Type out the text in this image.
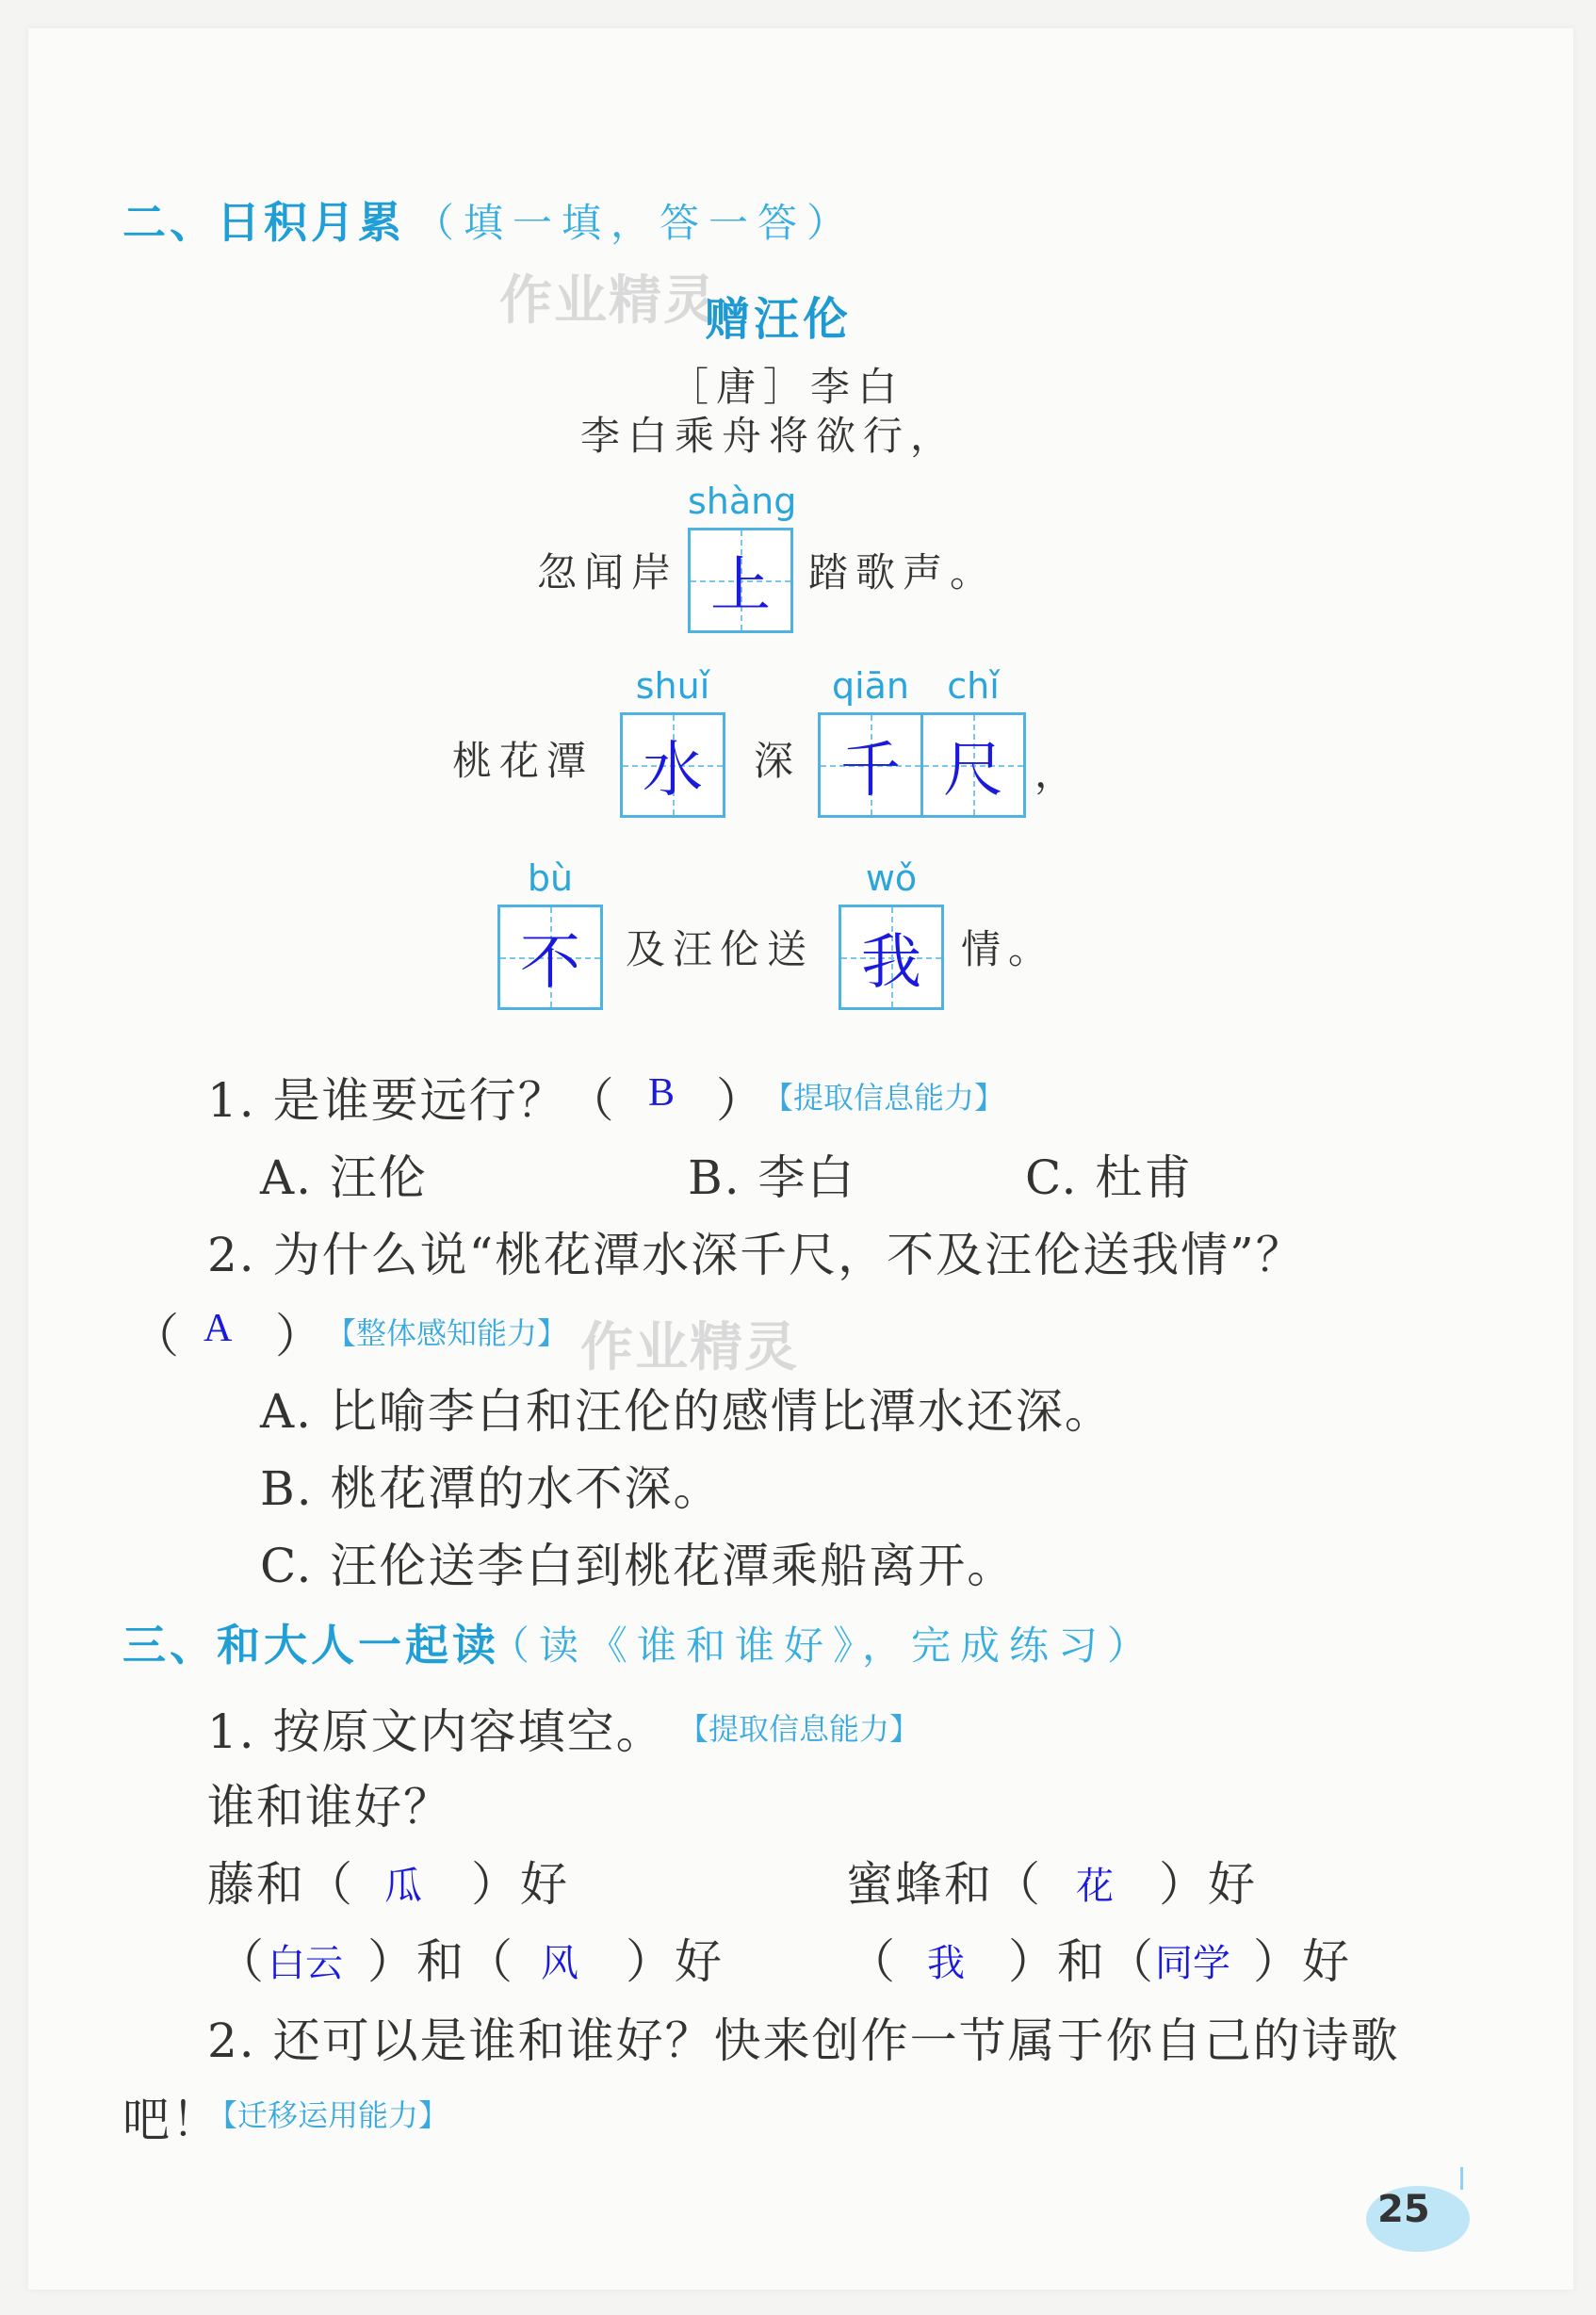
二、日积月累 （填一填，答一答）
作业精灵
赠汪伦
［唐］李白
李白乘舟将欲行，
忽闻岸
shàng
上 踏歌声。
桃花潭
shuǐ
水	深
qiān
千
chǐ
尺 ，
bù
不	及汪伦送
wǒ
我	情。
1. 是谁要远行？（ B ）
【提取信息能力】
A. 汪伦	B. 李白	C. 杜甫
2. 为什么说“桃花潭水深千尺，不及汪伦送我情”？
（ A ） 【整体感知能力】 作业精灵
A. 比喻李白和汪伦的感情比潭水还深。
B. 桃花潭的水不深。
C. 汪伦送李白到桃花潭乘船离开。
三、和大人一起读
（读《谁和谁好》，完成练习）
1. 按原文内容填空。 【提取信息能力】
谁和谁好？
藤和（ 瓜 ）好	蜜蜂和（ 花 ）好
（ 白云 ）和（ 风 ）好	（ 我 ）和（ 同学 ）好
2. 还可以是谁和谁好？快来创作一节属于你自己的诗歌
吧！
【迁移运用能力】
25
